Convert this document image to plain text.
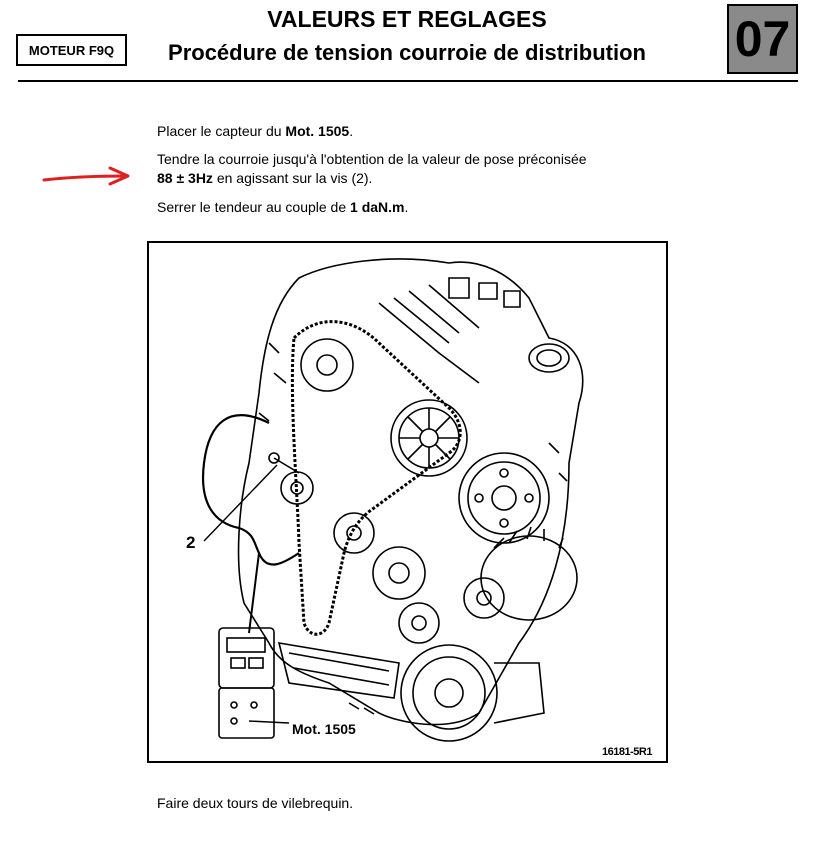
MOTEUR F9Q
VALEURS ET REGLAGES
Procédure de tension courroie de distribution	07
Placer le capteur du Mot. 1505.
Tendre la courroie jusqu'à l'obtention de la valeur de pose préconisée
88 ± 3Hz en agissant sur la vis (2).
Serrer le tendeur au couple de 1 daN.m.
2
Mot. 1505
16181-5R1
Faire deux tours de vilebrequin.
